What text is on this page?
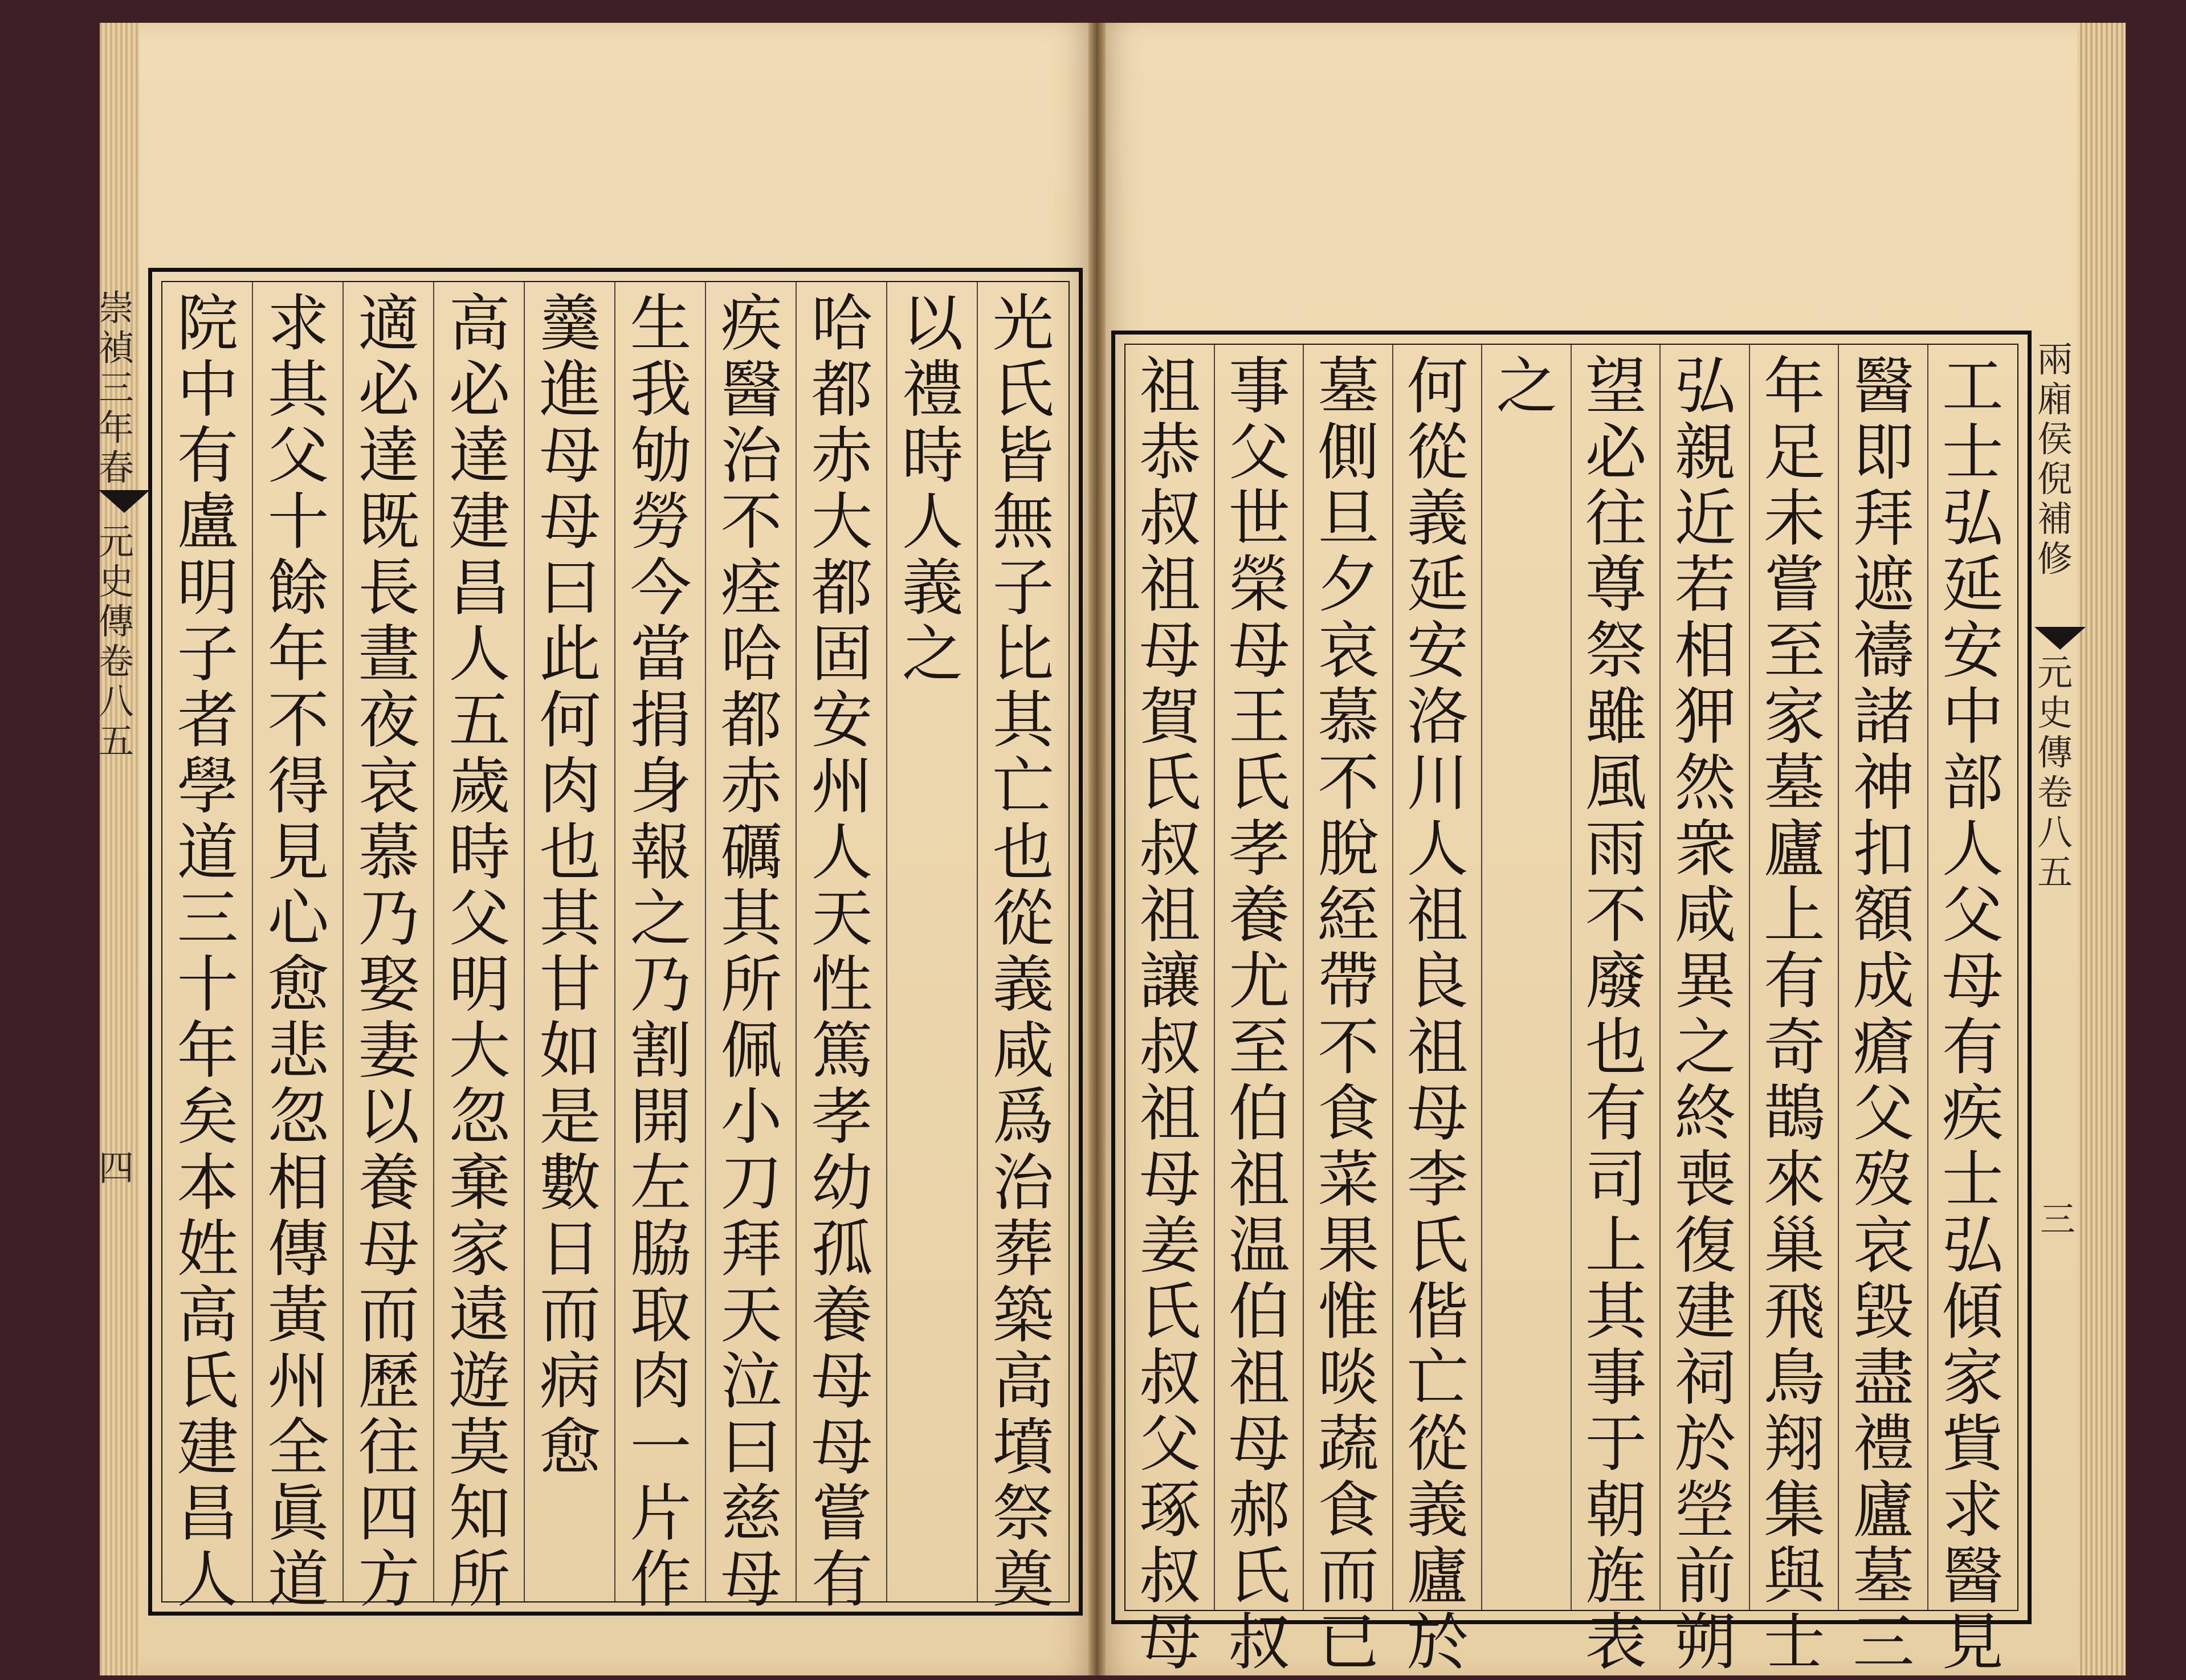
光
氏
皆
無
子
比
其
亡
也
從
義
咸
爲
治
葬
築
高
墳
祭
奠
以
禮
時
人
義
之
哈
都
赤
大
都
固
安
州
人
天
性
篤
孝
幼
孤
養
母
母
嘗
有
疾
醫
治
不
痊
哈
都
赤
礪
其
所
佩
小
刀
拜
天
泣
曰
慈
母
生
我
劬
勞
今
當
捐
身
報
之
乃
割
開
左
脇
取
肉
一
片
作
羹
進
母
母
曰
此
何
肉
也
其
甘
如
是
數
日
而
病
愈
高
必
達
建
昌
人
五
歲
時
父
明
大
忽
棄
家
遠
遊
莫
知
所
適
必
達
既
長
晝
夜
哀
慕
乃
娶
妻
以
養
母
而
歷
往
四
方
求
其
父
十
餘
年
不
得
見
心
愈
悲
忽
相
傳
黃
州
全
眞
道
院
中
有
盧
明
子
者
學
道
三
十
年
矣
本
姓
高
氏
建
昌
人
崇
禎
三
年
春
元
史
傳
卷
八
五
四
工
士
弘
延
安
中
部
人
父
母
有
疾
士
弘
傾
家
貲
求
醫
見
醫
即
拜
遮
禱
諸
神
扣
額
成
瘡
父
歿
哀
毀
盡
禮
廬
墓
三
年
足
未
嘗
至
家
墓
廬
上
有
奇
鵲
來
巢
飛
鳥
翔
集
與
士
弘
親
近
若
相
狎
然
衆
咸
異
之
終
喪
復
建
祠
於
塋
前
朔
望
必
往
尊
祭
雖
風
雨
不
廢
也
有
司
上
其
事
于
朝
旌
表
之
何
從
義
延
安
洛
川
人
祖
良
祖
母
李
氏
偕
亡
從
義
廬
於
墓
側
旦
夕
哀
慕
不
脫
絰
帶
不
食
菜
果
惟
啖
蔬
食
而
已
事
父
世
榮
母
王
氏
孝
養
尤
至
伯
祖
温
伯
祖
母
郝
氏
叔
祖
恭
叔
祖
母
賀
氏
叔
祖
讓
叔
祖
母
姜
氏
叔
父
琢
叔
母
兩
廂
侯
倪
補
修
元
史
傳
卷
八
五
三
